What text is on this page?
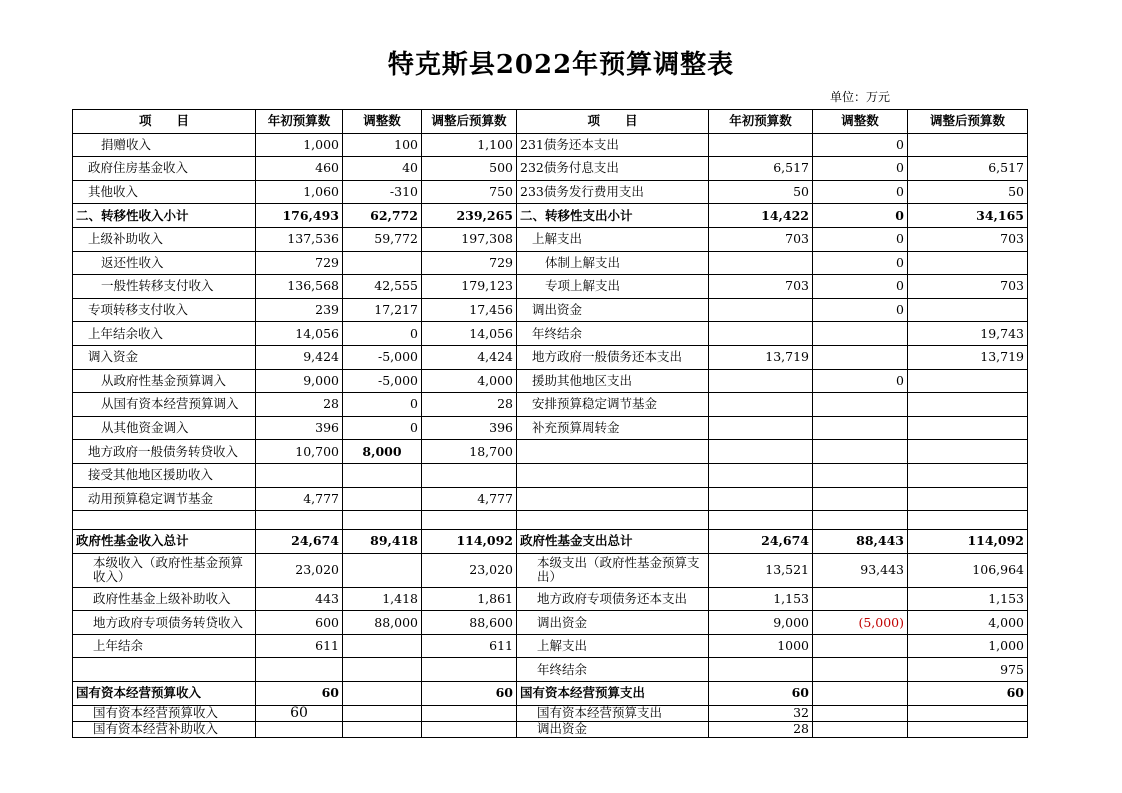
特克斯县2022年预算调整表
单位：万元
项　　目	年初预算数	调整数	调整后预算数	项　　目	年初预算数	调整数	调整后预算数
捐赠收入	1,000	100	1,100	231债务还本支出		0	
政府住房基金收入	460	40	500	232债务付息支出	6,517	0	6,517
其他收入	1,060	-310	750	233债务发行费用支出	50	0	50
二、转移性收入小计	176,493	62,772	239,265	二、转移性支出小计	14,422	0	34,165
上级补助收入	137,536	59,772	197,308	上解支出	703	0	703
返还性收入	729		729	体制上解支出		0	
一般性转移支付收入	136,568	42,555	179,123	专项上解支出	703	0	703
专项转移支付收入	239	17,217	17,456	调出资金		0	
上年结余收入	14,056	0	14,056	年终结余			19,743
调入资金	9,424	-5,000	4,424	地方政府一般债务还本支出	13,719		13,719
从政府性基金预算调入	9,000	-5,000	4,000	援助其他地区支出		0	
从国有资本经营预算调入	28	0	28	安排预算稳定调节基金			
从其他资金调入	396	0	396	补充预算周转金			
地方政府一般债务转贷收入	10,700	8,000	18,700				
接受其他地区援助收入							
动用预算稳定调节基金	4,777		4,777				

政府性基金收入总计	24,674	89,418	114,092	政府性基金支出总计	24,674	88,443	114,092
本级收入（政府性基金预算收入）	23,020		23,020	本级支出（政府性基金预算支出）	13,521	93,443	106,964
政府性基金上级补助收入	443	1,418	1,861	地方政府专项债务还本支出	1,153		1,153
地方政府专项债务转贷收入	600	88,000	88,600	调出资金	9,000	(5,000)	4,000
上年结余	611		611	上解支出	1000		1,000
				年终结余			975
国有资本经营预算收入	60		60	国有资本经营预算支出	60		60
国有资本经营预算收入	60			国有资本经营预算支出	32		
国有资本经营补助收入				调出资金	28		
